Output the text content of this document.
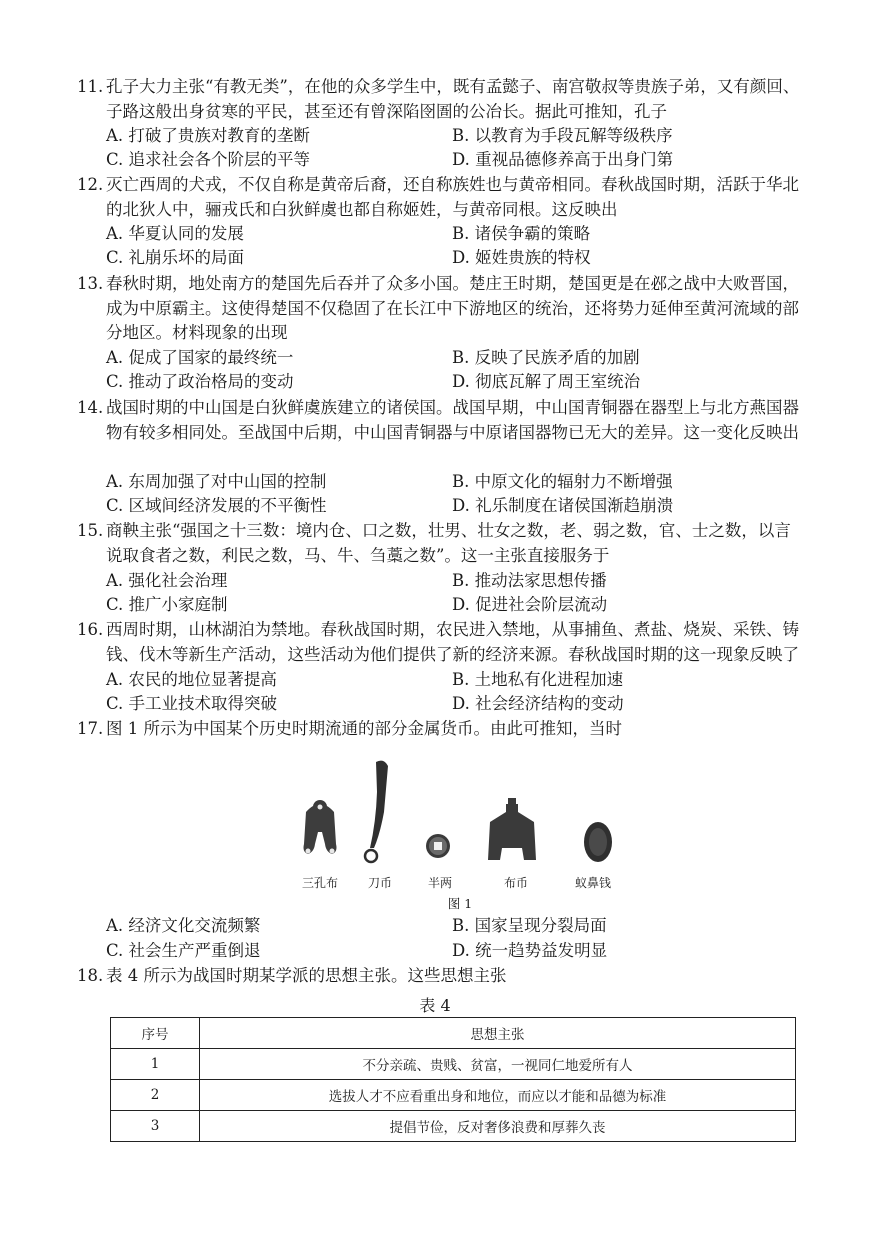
11. 孔子大力主张“有教无类”，在他的众多学生中，既有孟懿子、南宫敬叔等贵族子弟，又有颜回、子路这般出身贫寒的平民，甚至还有曾深陷囹圄的公冶长。据此可推知，孔子
A. 打破了贵族对教育的垄断	B. 以教育为手段瓦解等级秩序
C. 追求社会各个阶层的平等	D. 重视品德修养高于出身门第
12. 灭亡西周的犬戎，不仅自称是黄帝后裔，还自称族姓也与黄帝相同。春秋战国时期，活跃于华北的北狄人中，骊戎氏和白狄鲜虞也都自称姬姓，与黄帝同根。这反映出
A. 华夏认同的发展	B. 诸侯争霸的策略
C. 礼崩乐坏的局面	D. 姬姓贵族的特权
13. 春秋时期，地处南方的楚国先后吞并了众多小国。楚庄王时期，楚国更是在邲之战中大败晋国，成为中原霸主。这使得楚国不仅稳固了在长江中下游地区的统治，还将势力延伸至黄河流域的部分地区。材料现象的出现
A. 促成了国家的最终统一	B. 反映了民族矛盾的加剧
C. 推动了政治格局的变动	D. 彻底瓦解了周王室统治
14. 战国时期的中山国是白狄鲜虞族建立的诸侯国。战国早期，中山国青铜器在器型上与北方燕国器物有较多相同处。至战国中后期，中山国青铜器与中原诸国器物已无大的差异。这一变化反映出
A. 东周加强了对中山国的控制	B. 中原文化的辐射力不断增强
C. 区域间经济发展的不平衡性	D. 礼乐制度在诸侯国渐趋崩溃
15. 商鞅主张“强国之十三数：境内仓、口之数，壮男、壮女之数，老、弱之数，官、士之数，以言说取食者之数，利民之数，马、牛、刍藁之数”。这一主张直接服务于
A. 强化社会治理	B. 推动法家思想传播
C. 推广小家庭制	D. 促进社会阶层流动
16. 西周时期，山林湖泊为禁地。春秋战国时期，农民进入禁地，从事捕鱼、煮盐、烧炭、采铁、铸钱、伐木等新生产活动，这些活动为他们提供了新的经济来源。春秋战国时期的这一现象反映了
A. 农民的地位显著提高	B. 土地私有化进程加速
C. 手工业技术取得突破	D. 社会经济结构的变动
17. 图 1 所示为中国某个历史时期流通的部分金属货币。由此可推知，当时
三孔布 刀币	半两	布币	蚁鼻钱
图 1
A. 经济文化交流频繁	B. 国家呈现分裂局面
C. 社会生产严重倒退	D. 统一趋势益发明显
18. 表 4 所示为战国时期某学派的思想主张。这些思想主张
表 4
序号	思想主张
1	不分亲疏、贵贱、贫富，一视同仁地爱所有人
2	选拔人才不应看重出身和地位，而应以才能和品德为标准
3	提倡节俭，反对奢侈浪费和厚葬久丧
